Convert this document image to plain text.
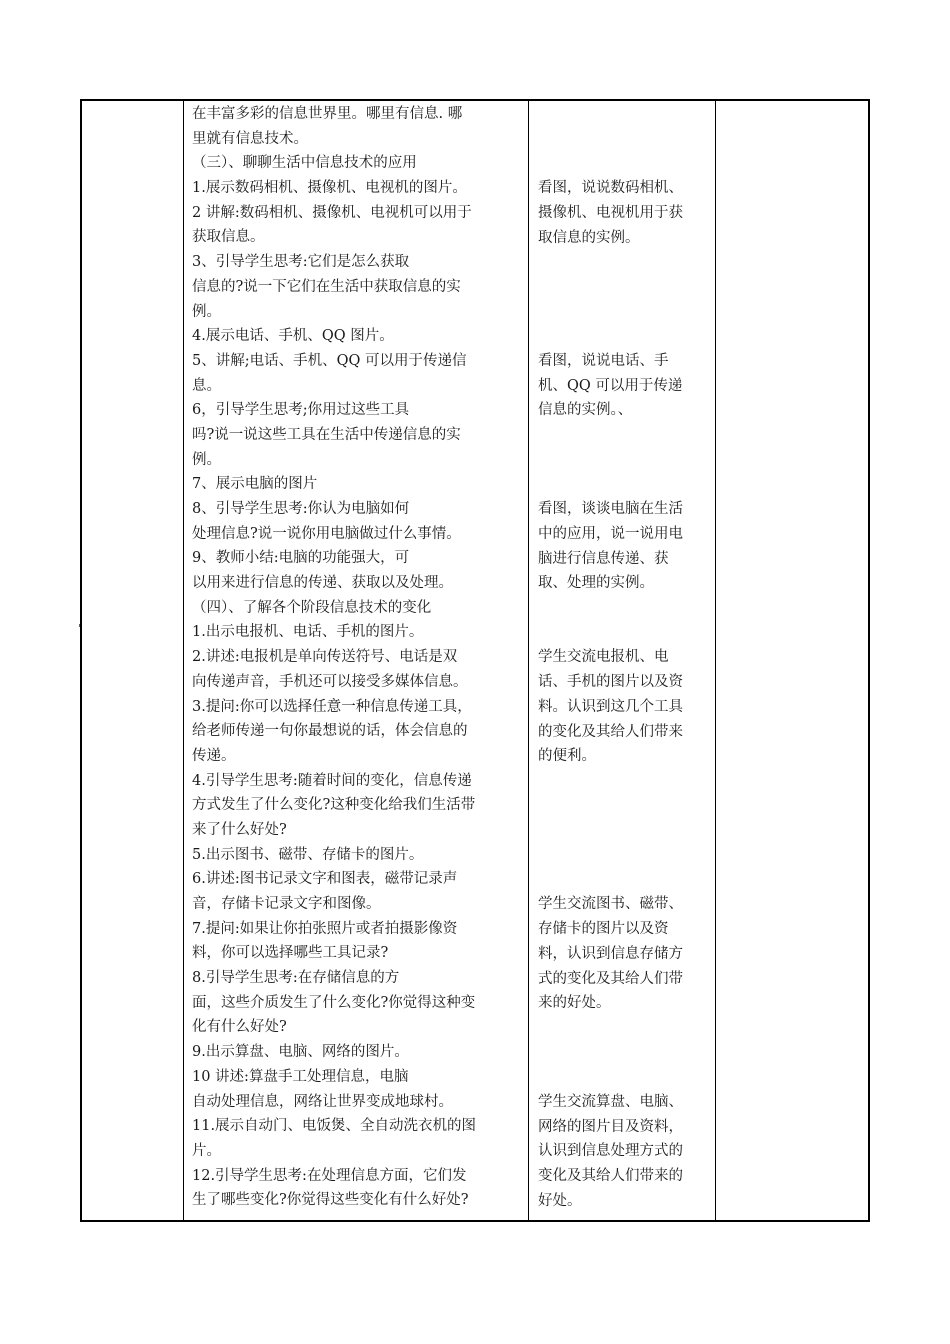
在丰富多彩的信息世界里。哪里有信息. 哪
里就有信息技术。
（三）、聊聊生活中信息技术的应用
1.展示数码相机、摄像机、电视机的图片。
2 讲解:数码相机、摄像机、电视机可以用于
获取信息。
3、引导学生思考:它们是怎么获取
信息的?说一下它们在生活中获取信息的实
例。
4.展示电话、手机、QQ 图片。
5、讲解;电话、手机、QQ 可以用于传递信
息。
6，引导学生思考;你用过这些工具
吗?说一说这些工具在生活中传递信息的实
例。
7、展示电脑的图片
8、引导学生思考:你认为电脑如何
处理信息?说一说你用电脑做过什么事情。
9、教师小结:电脑的功能强大，可
以用来进行信息的传递、获取以及处理。
（四）、了解各个阶段信息技术的变化
1.出示电报机、电话、手机的图片。
2.讲述:电报机是单向传送符号、电话是双
向传递声音，手机还可以接受多媒体信息。
3.提问:你可以选择任意一种信息传递工具，
给老师传递一句你最想说的话，体会信息的
传递。
4.引导学生思考:随着时间的变化，信息传递
方式发生了什么变化?这种变化给我们生活带
来了什么好处?
5.出示图书、磁带、存储卡的图片。
6.讲述:图书记录文字和图表，磁带记录声
音，存储卡记录文字和图像。
7.提问:如果让你拍张照片或者拍摄影像资
料，你可以选择哪些工具记录?
8.引导学生思考:在存储信息的方
面，这些介质发生了什么变化?你觉得这种变
化有什么好处?
9.出示算盘、电脑、网络的图片。
10 讲述:算盘手工处理信息，电脑
自动处理信息，网络让世界变成地球村。
11.展示自动门、电饭煲、全自动洗衣机的图
片。
12.引导学生思考:在处理信息方面，它们发
生了哪些变化?你觉得这些变化有什么好处?
看图，说说数码相机、
摄像机、电视机用于获
取信息的实例。
看图，说说电话、手
机、QQ 可以用于传递
信息的实例。、
看图，谈谈电脑在生活
中的应用，说一说用电
脑进行信息传递、获
取、处理的实例。
学生交流电报机、电
话、手机的图片以及资
料。认识到这几个工具
的变化及其给人们带来
的便利。
学生交流图书、磁带、
存储卡的图片以及资
料，认识到信息存储方
式的变化及其给人们带
来的好处。
学生交流算盘、电脑、
网络的图片目及资料，
认识到信息处理方式的
变化及其给人们带来的
好处。
